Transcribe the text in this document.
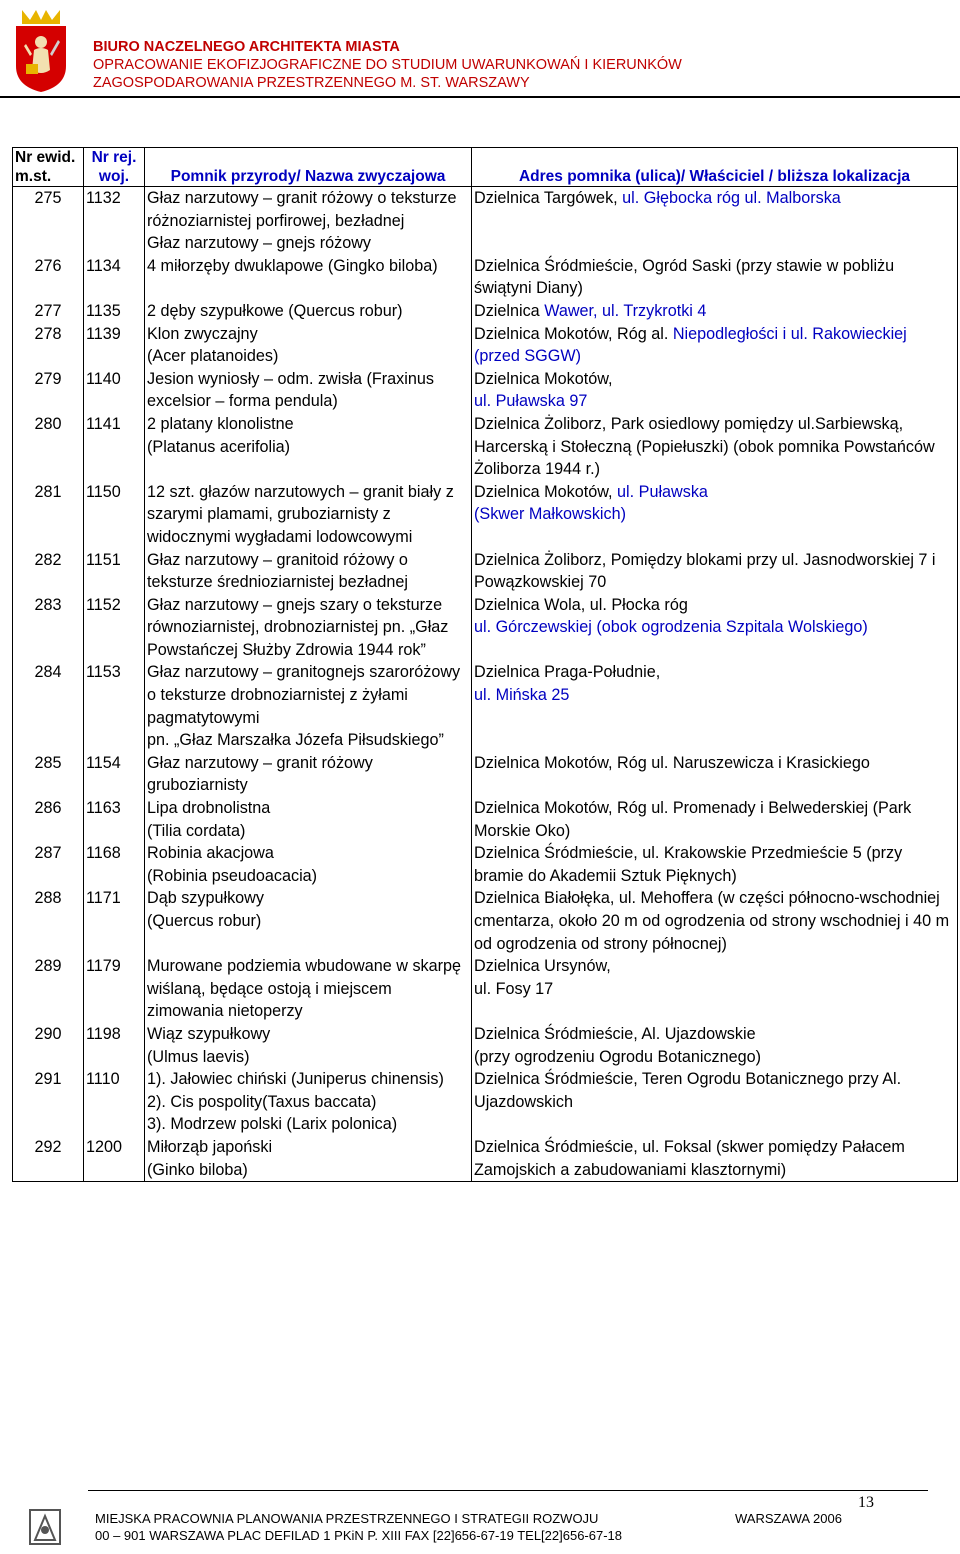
BIURO NACZELNEGO ARCHITEKTA MIASTA
OPRACOWANIE EKOFIZJOGRAFICZNE DO STUDIUM UWARUNKOWAŃ I KIERUNKÓW
ZAGOSPODAROWANIA PRZESTRZENNEGO M. ST. WARSZAWY
Nr ewid. m.st.	Nr rej. woj.	Pomnik przyrody/ Nazwa zwyczajowa	Adres pomnika (ulica)/ Właściciel / bliższa lokalizacja
275	1132	Głaz narzutowy – granit różowy o teksturze różnoziarnistej porfirowej, bezładnej
Głaz narzutowy – gnejs różowy	Dzielnica Targówek, ul. Głębocka róg ul. Malborska
276	1134	4 miłorzęby dwuklapowe (Gingko biloba)	Dzielnica Śródmieście, Ogród Saski (przy stawie w pobliżu świątyni Diany)
277	1135	2 dęby szypułkowe (Quercus robur)	Dzielnica Wawer, ul. Trzykrotki 4
278	1139	Klon zwyczajny
(Acer platanoides)	Dzielnica Mokotów, Róg al. Niepodległości i ul. Rakowieckiej (przed SGGW)
279	1140	Jesion wyniosły – odm. zwisła (Fraxinus excelsior – forma pendula)	Dzielnica Mokotów,
ul. Puławska 97
280	1141	2 platany klonolistne
(Platanus acerifolia)	Dzielnica Żoliborz, Park osiedlowy pomiędzy ul.Sarbiewską, Harcerską i Stołeczną (Popiełuszki) (obok pomnika Powstańców Żoliborza 1944 r.)
281	1150	12 szt. głazów narzutowych – granit biały z szarymi plamami, gruboziarnisty z widocznymi wygładami lodowcowymi	Dzielnica Mokotów, ul. Puławska
(Skwer Małkowskich)
282	1151	Głaz narzutowy – granitoid różowy o teksturze średnioziarnistej bezładnej	Dzielnica Żoliborz, Pomiędzy blokami przy ul. Jasnodworskiej 7 i Powązkowskiej 70
283	1152	Głaz narzutowy – gnejs szary o teksturze równoziarnistej, drobnoziarnistej pn. „Głaz Powstańczej Służby Zdrowia 1944 rok”	Dzielnica Wola, ul. Płocka róg
ul. Górczewskiej (obok ogrodzenia Szpitala Wolskiego)
284	1153	Głaz narzutowy – granitognejs szaroróżowy o teksturze drobnoziarnistej z żyłami pagmatytowymi
pn. „Głaz Marszałka Józefa Piłsudskiego”	Dzielnica Praga-Południe,
ul. Mińska 25
285	1154	Głaz narzutowy – granit różowy gruboziarnisty	Dzielnica Mokotów, Róg ul. Naruszewicza i Krasickiego
286	1163	Lipa drobnolistna
(Tilia cordata)	Dzielnica Mokotów, Róg ul. Promenady i Belwederskiej (Park Morskie Oko)
287	1168	Robinia akacjowa
(Robinia pseudoacacia)	Dzielnica Śródmieście, ul. Krakowskie Przedmieście 5 (przy bramie do Akademii Sztuk Pięknych)
288	1171	Dąb szypułkowy
(Quercus robur)	Dzielnica Białołęka, ul. Mehoffera (w części północno-wschodniej cmentarza, około 20 m od ogrodzenia od strony wschodniej i 40 m od ogrodzenia od strony północnej)
289	1179	Murowane podziemia wbudowane w skarpę wiślaną, będące ostoją i miejscem zimowania nietoperzy	Dzielnica Ursynów,
ul. Fosy 17
290	1198	Wiąz szypułkowy
(Ulmus laevis)	Dzielnica Śródmieście, Al. Ujazdowskie
(przy ogrodzeniu Ogrodu Botanicznego)
291	1110	1). Jałowiec chiński (Juniperus chinensis)
2). Cis pospolity(Taxus baccata)
3). Modrzew polski (Larix polonica)	Dzielnica Śródmieście, Teren Ogrodu Botanicznego przy Al. Ujazdowskich
292	1200	Miłorząb japoński
(Ginko biloba)	Dzielnica Śródmieście, ul. Foksal (skwer pomiędzy Pałacem Zamojskich a zabudowaniami klasztornymi)
13
MIEJSKA PRACOWNIA PLANOWANIA PRZESTRZENNEGO I STRATEGII ROZWOJU	WARSZAWA 2006
00 – 901 WARSZAWA PLAC DEFILAD 1 PKiN P. XIII FAX [22]656-67-19 TEL[22]656-67-18
